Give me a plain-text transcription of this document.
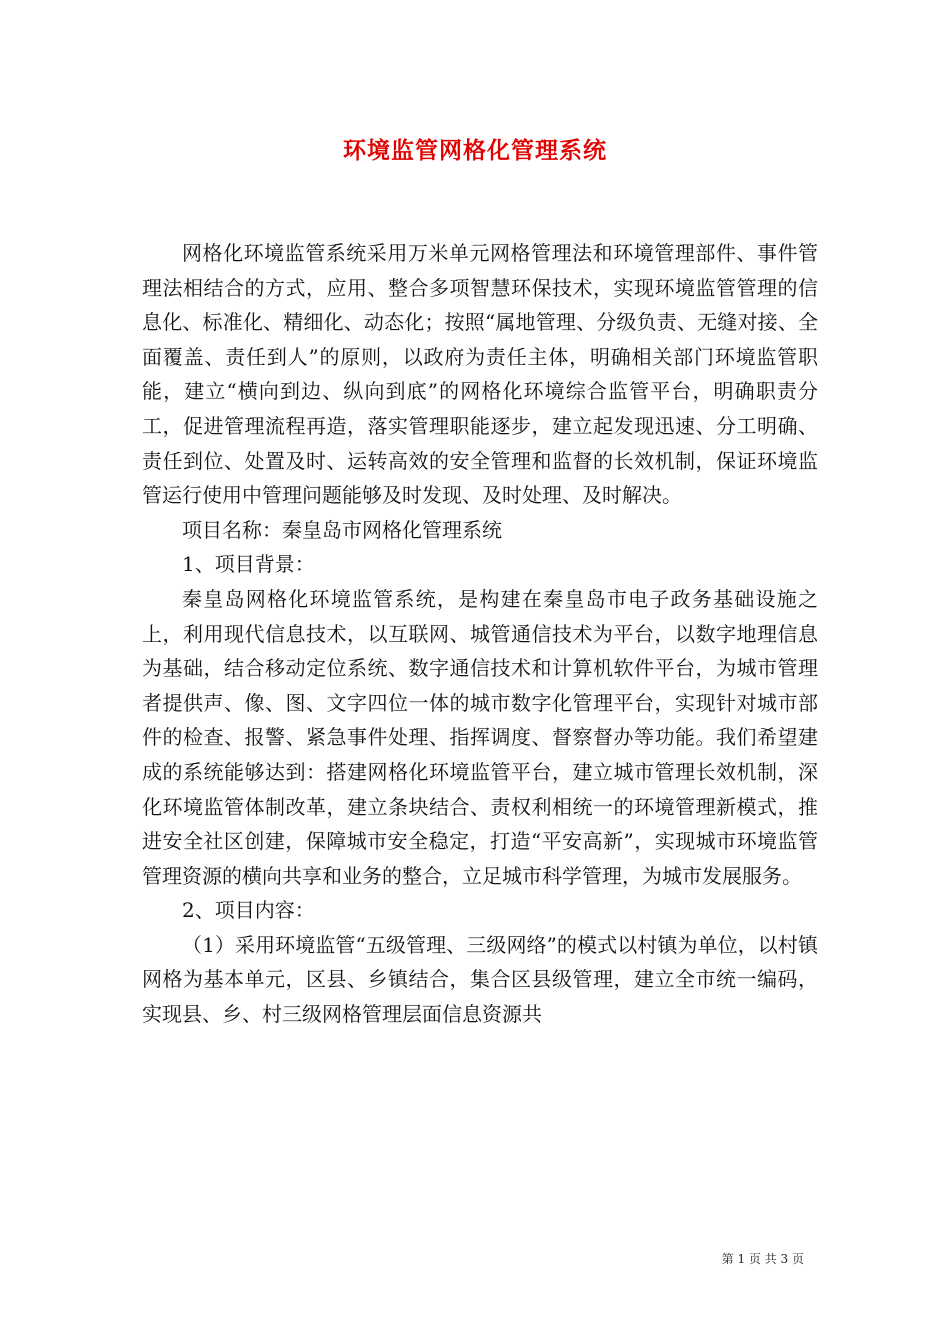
环境监管网格化管理系统

网格化环境监管系统采用万米单元网格管理法和环境管理部件、事件管理法相结合的方式，应用、整合多项智慧环保技术，实现环境监管管理的信息化、标准化、精细化、动态化；按照“属地管理、分级负责、无缝对接、全面覆盖、责任到人”的原则，以政府为责任主体，明确相关部门环境监管职能，建立“横向到边、纵向到底”的网格化环境综合监管平台，明确职责分工，促进管理流程再造，落实管理职能逐步，建立起发现迅速、分工明确、责任到位、处置及时、运转高效的安全管理和监督的长效机制，保证环境监管运行使用中管理问题能够及时发现、及时处理、及时解决。

项目名称：秦皇岛市网格化管理系统

1、项目背景：

秦皇岛网格化环境监管系统，是构建在秦皇岛市电子政务基础设施之上，利用现代信息技术，以互联网、城管通信技术为平台，以数字地理信息为基础，结合移动定位系统、数字通信技术和计算机软件平台，为城市管理者提供声、像、图、文字四位一体的城市数字化管理平台，实现针对城市部件的检查、报警、紧急事件处理、指挥调度、督察督办等功能。我们希望建成的系统能够达到：搭建网格化环境监管平台，建立城市管理长效机制，深化环境监管体制改革，建立条块结合、责权利相统一的环境管理新模式，推进安全社区创建，保障城市安全稳定，打造“平安高新”，实现城市环境监管管理资源的横向共享和业务的整合，立足城市科学管理，为城市发展服务。

2、项目内容：

（1）采用环境监管“五级管理、三级网络”的模式以村镇为单位，以村镇网格为基本单元，区县、乡镇结合，集合区县级管理，建立全市统一编码，实现县、乡、村三级网格管理层面信息资源共

第 1 页 共 3 页
